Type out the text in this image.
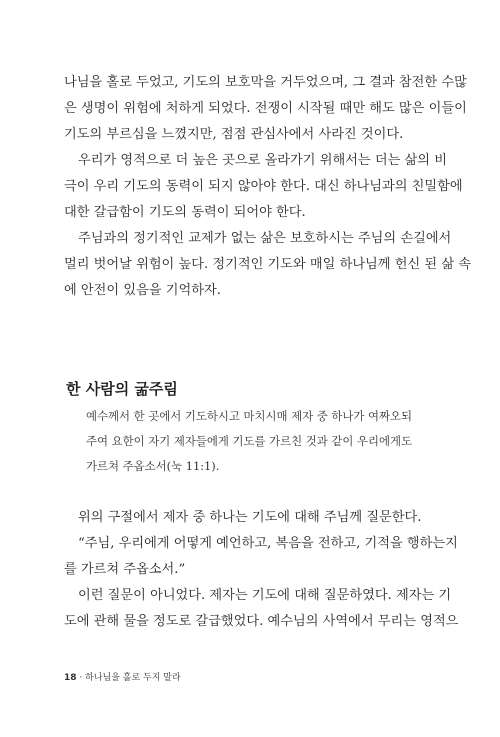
나님을 홀로 두었고, 기도의 보호막을 거두었으며, 그 결과 참전한 수많
은 생명이 위험에 처하게 되었다. 전쟁이 시작될 때만 해도 많은 이들이
기도의 부르심을 느꼈지만, 점점 관심사에서 사라진 것이다.
우리가 영적으로 더 높은 곳으로 올라가기 위해서는 더는 삶의 비
극이 우리 기도의 동력이 되지 않아야 한다. 대신 하나님과의 친밀함에
대한 갈급함이 기도의 동력이 되어야 한다.
주님과의 정기적인 교제가 없는 삶은 보호하시는 주님의 손길에서
멀리 벗어날 위험이 높다. 정기적인 기도와 매일 하나님께 헌신 된 삶 속
에 안전이 있음을 기억하자.
한 사람의 굶주림
예수께서 한 곳에서 기도하시고 마치시매 제자 중 하나가 여짜오되
주여 요한이 자기 제자들에게 기도를 가르친 것과 같이 우리에게도
가르쳐 주옵소서(눅 11:1).
위의 구절에서 제자 중 하나는 기도에 대해 주님께 질문한다.
“주님, 우리에게 어떻게 예언하고, 복음을 전하고, 기적을 행하는지
를 가르쳐 주옵소서.”
이런 질문이 아니었다. 제자는 기도에 대해 질문하였다. 제자는 기
도에 관해 물을 정도로 갈급했었다. 예수님의 사역에서 무리는 영적으
18 · 하나님을 홀로 두지 말라
